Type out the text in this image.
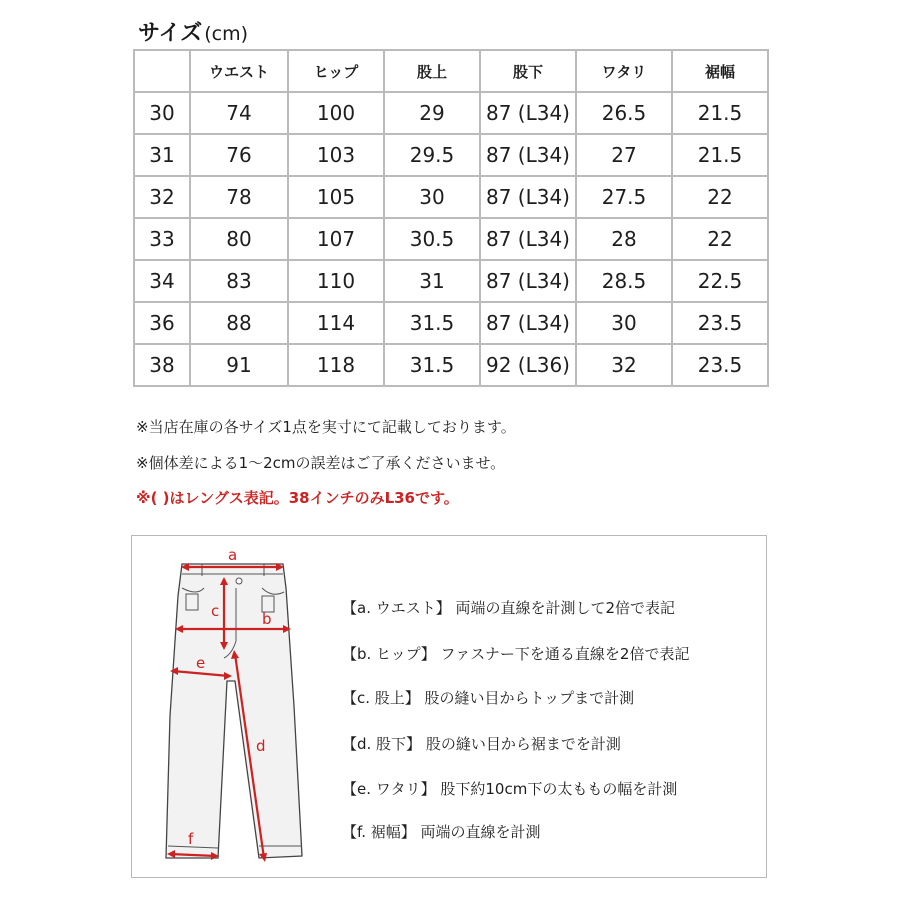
サイズ (cm)
	ウエスト	ヒップ	股上	股下	ワタリ	裾幅
30	74	100	29	87 (L34)	26.5	21.5
31	76	103	29.5	87 (L34)	27	21.5
32	78	105	30	87 (L34)	27.5	22
33	80	107	30.5	87 (L34)	28	22
34	83	110	31	87 (L34)	28.5	22.5
36	88	114	31.5	87 (L34)	30	23.5
38	91	118	31.5	92 (L36)	32	23.5
※当店在庫の各サイズ1点を実寸にて記載しております。
※個体差による1〜2cmの誤差はご了承くださいませ。
※( )はレングス表記。38インチのみL36です。
a
b
c
d
e
f
【a. ウエスト】 両端の直線を計測して2倍で表記
【b. ヒップ】 ファスナー下を通る直線を2倍で表記
【c. 股上】 股の縫い目からトップまで計測
【d. 股下】 股の縫い目から裾までを計測
【e. ワタリ】 股下約10cm下の太ももの幅を計測
【f. 裾幅】 両端の直線を計測
